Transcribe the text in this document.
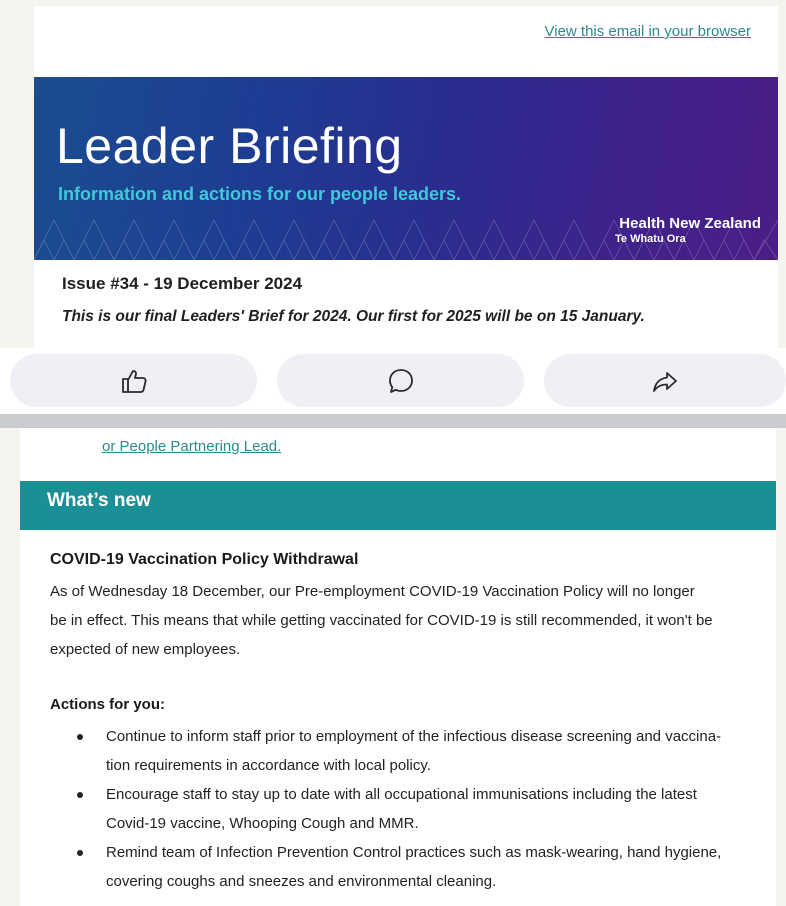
View this email in your browser
Leader Briefing
Information and actions for our people leaders.
Health New Zealand
Te Whatu Ora
Issue #34 - 19 December 2024
This is our final Leaders' Brief for 2024. Our first for 2025 will be on 15 January.
or People Partnering Lead.
What’s new
COVID-19 Vaccination Policy Withdrawal
As of Wednesday 18 December, our Pre-employment COVID-19 Vaccination Policy will no longer
be in effect. This means that while getting vaccinated for COVID-19 is still recommended, it won't be
expected of new employees.
Actions for you:
Continue to inform staff prior to employment of the infectious disease screening and vaccina-
tion requirements in accordance with local policy.
Encourage staff to stay up to date with all occupational immunisations including the latest
Covid-19 vaccine, Whooping Cough and MMR.
Remind team of Infection Prevention Control practices such as mask-wearing, hand hygiene,
covering coughs and sneezes and environmental cleaning.
